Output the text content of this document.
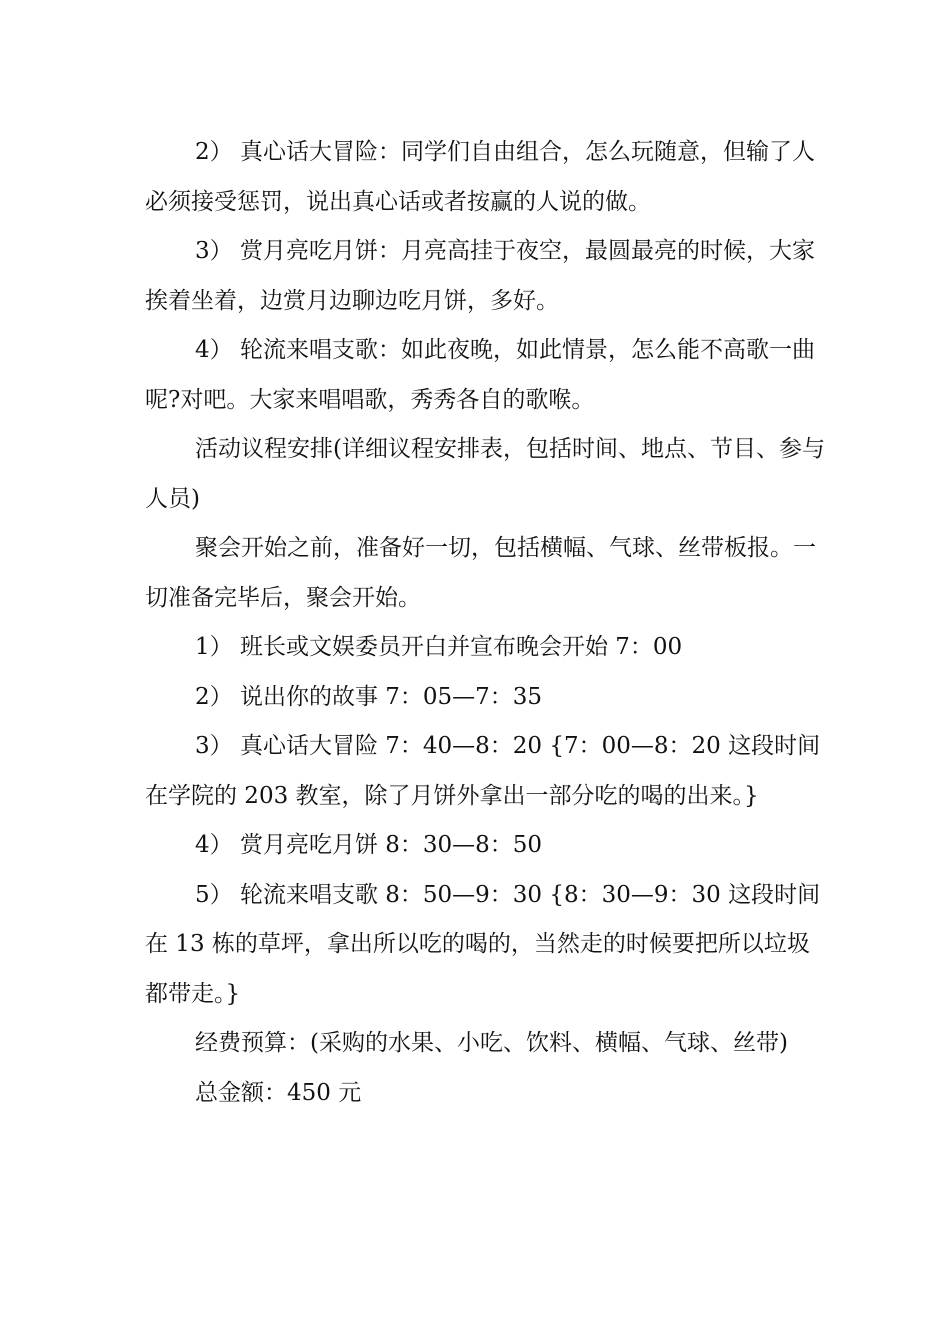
2） 真心话大冒险：同学们自由组合，怎么玩随意，但输了人必须接受惩罚，说出真心话或者按赢的人说的做。

3） 赏月亮吃月饼：月亮高挂于夜空，最圆最亮的时候，大家挨着坐着，边赏月边聊边吃月饼，多好。

4） 轮流来唱支歌：如此夜晚，如此情景，怎么能不高歌一曲呢?对吧。大家来唱唱歌，秀秀各自的歌喉。

活动议程安排(详细议程安排表，包括时间、地点、节目、参与人员)

聚会开始之前，准备好一切，包括横幅、气球、丝带板报。一切准备完毕后，聚会开始。

1） 班长或文娱委员开白并宣布晚会开始 7：00

2） 说出你的故事 7：05—7：35

3） 真心话大冒险 7：40—8：20 {7：00—8：20 这段时间在学院的 203 教室，除了月饼外拿出一部分吃的喝的出来。}

4） 赏月亮吃月饼 8：30—8：50

5） 轮流来唱支歌 8：50—9：30 {8：30—9：30 这段时间在 13 栋的草坪，拿出所以吃的喝的，当然走的时候要把所以垃圾都带走。}

经费预算：(采购的水果、小吃、饮料、横幅、气球、丝带)

总金额：450 元
